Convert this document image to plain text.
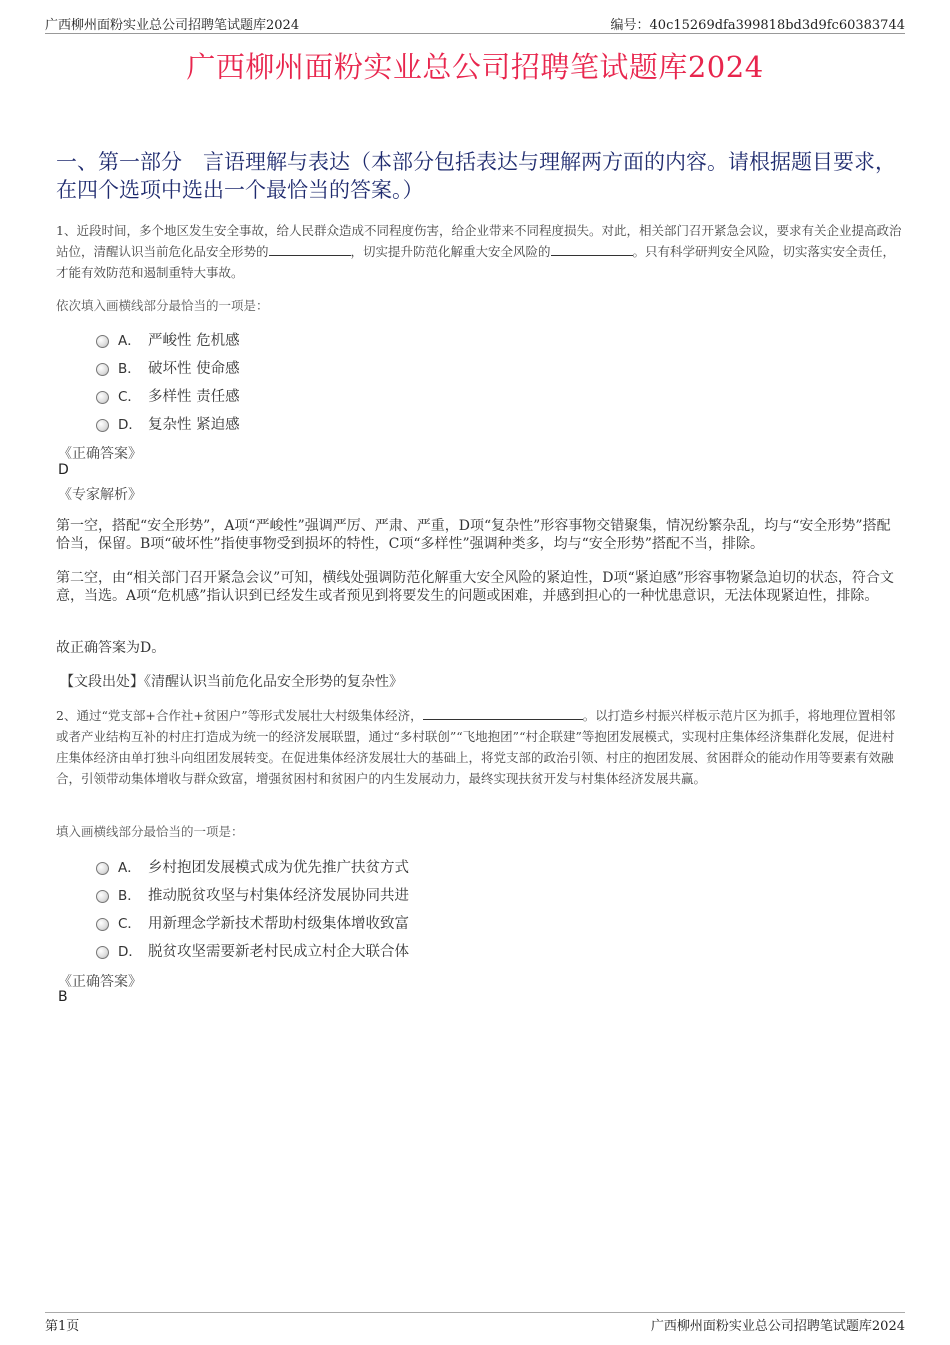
广西柳州面粉实业总公司招聘笔试题库2024	编号：40c15269dfa399818bd3d9fc60383744
广西柳州面粉实业总公司招聘笔试题库2024
一、第一部分　言语理解与表达（本部分包括表达与理解两方面的内容。请根据题目要求，在四个选项中选出一个最恰当的答案。）
1、近段时间，多个地区发生安全事故，给人民群众造成不同程度伤害，给企业带来不同程度损失。对此，相关部门召开紧急会议，要求有关企业提高政治站位，清醒认识当前危化品安全形势的	，切实提升防范化解重大安全风险的	。只有科学研判安全风险，切实落实安全责任，才能有效防范和遏制重特大事故。
依次填入画横线部分最恰当的一项是：
A． 严峻性 危机感
B． 破坏性 使命感
C． 多样性 责任感
D． 复杂性 紧迫感
《正确答案》
D
《专家解析》
第一空，搭配“安全形势”，A项“严峻性”强调严厉、严肃、严重，D项“复杂性”形容事物交错聚集，情况纷繁杂乱，均与“安全形势”搭配恰当，保留。B项“破坏性”指使事物受到损坏的特性，C项“多样性”强调种类多，均与“安全形势”搭配不当，排除。
第二空，由“相关部门召开紧急会议”可知，横线处强调防范化解重大安全风险的紧迫性，D项“紧迫感”形容事物紧急迫切的状态，符合文意，当选。A项“危机感”指认识到已经发生或者预见到将要发生的问题或困难，并感到担心的一种忧患意识，无法体现紧迫性，排除。
故正确答案为D。
【文段出处】《清醒认识当前危化品安全形势的复杂性》
2、通过“党支部+合作社+贫困户”等形式发展壮大村级集体经济，	。以打造乡村振兴样板示范片区为抓手，将地理位置相邻或者产业结构互补的村庄打造成为统一的经济发展联盟，通过“多村联创”“飞地抱团”“村企联建”等抱团发展模式，实现村庄集体经济集群化发展，促进村庄集体经济由单打独斗向组团发展转变。在促进集体经济发展壮大的基础上，将党支部的政治引领、村庄的抱团发展、贫困群众的能动作用等要素有效融合，引领带动集体增收与群众致富，增强贫困村和贫困户的内生发展动力，最终实现扶贫开发与村集体经济发展共赢。
填入画横线部分最恰当的一项是：
A． 乡村抱团发展模式成为优先推广扶贫方式
B． 推动脱贫攻坚与村集体经济发展协同共进
C． 用新理念学新技术帮助村级集体增收致富
D． 脱贫攻坚需要新老村民成立村企大联合体
《正确答案》
B
第1页	广西柳州面粉实业总公司招聘笔试题库2024
